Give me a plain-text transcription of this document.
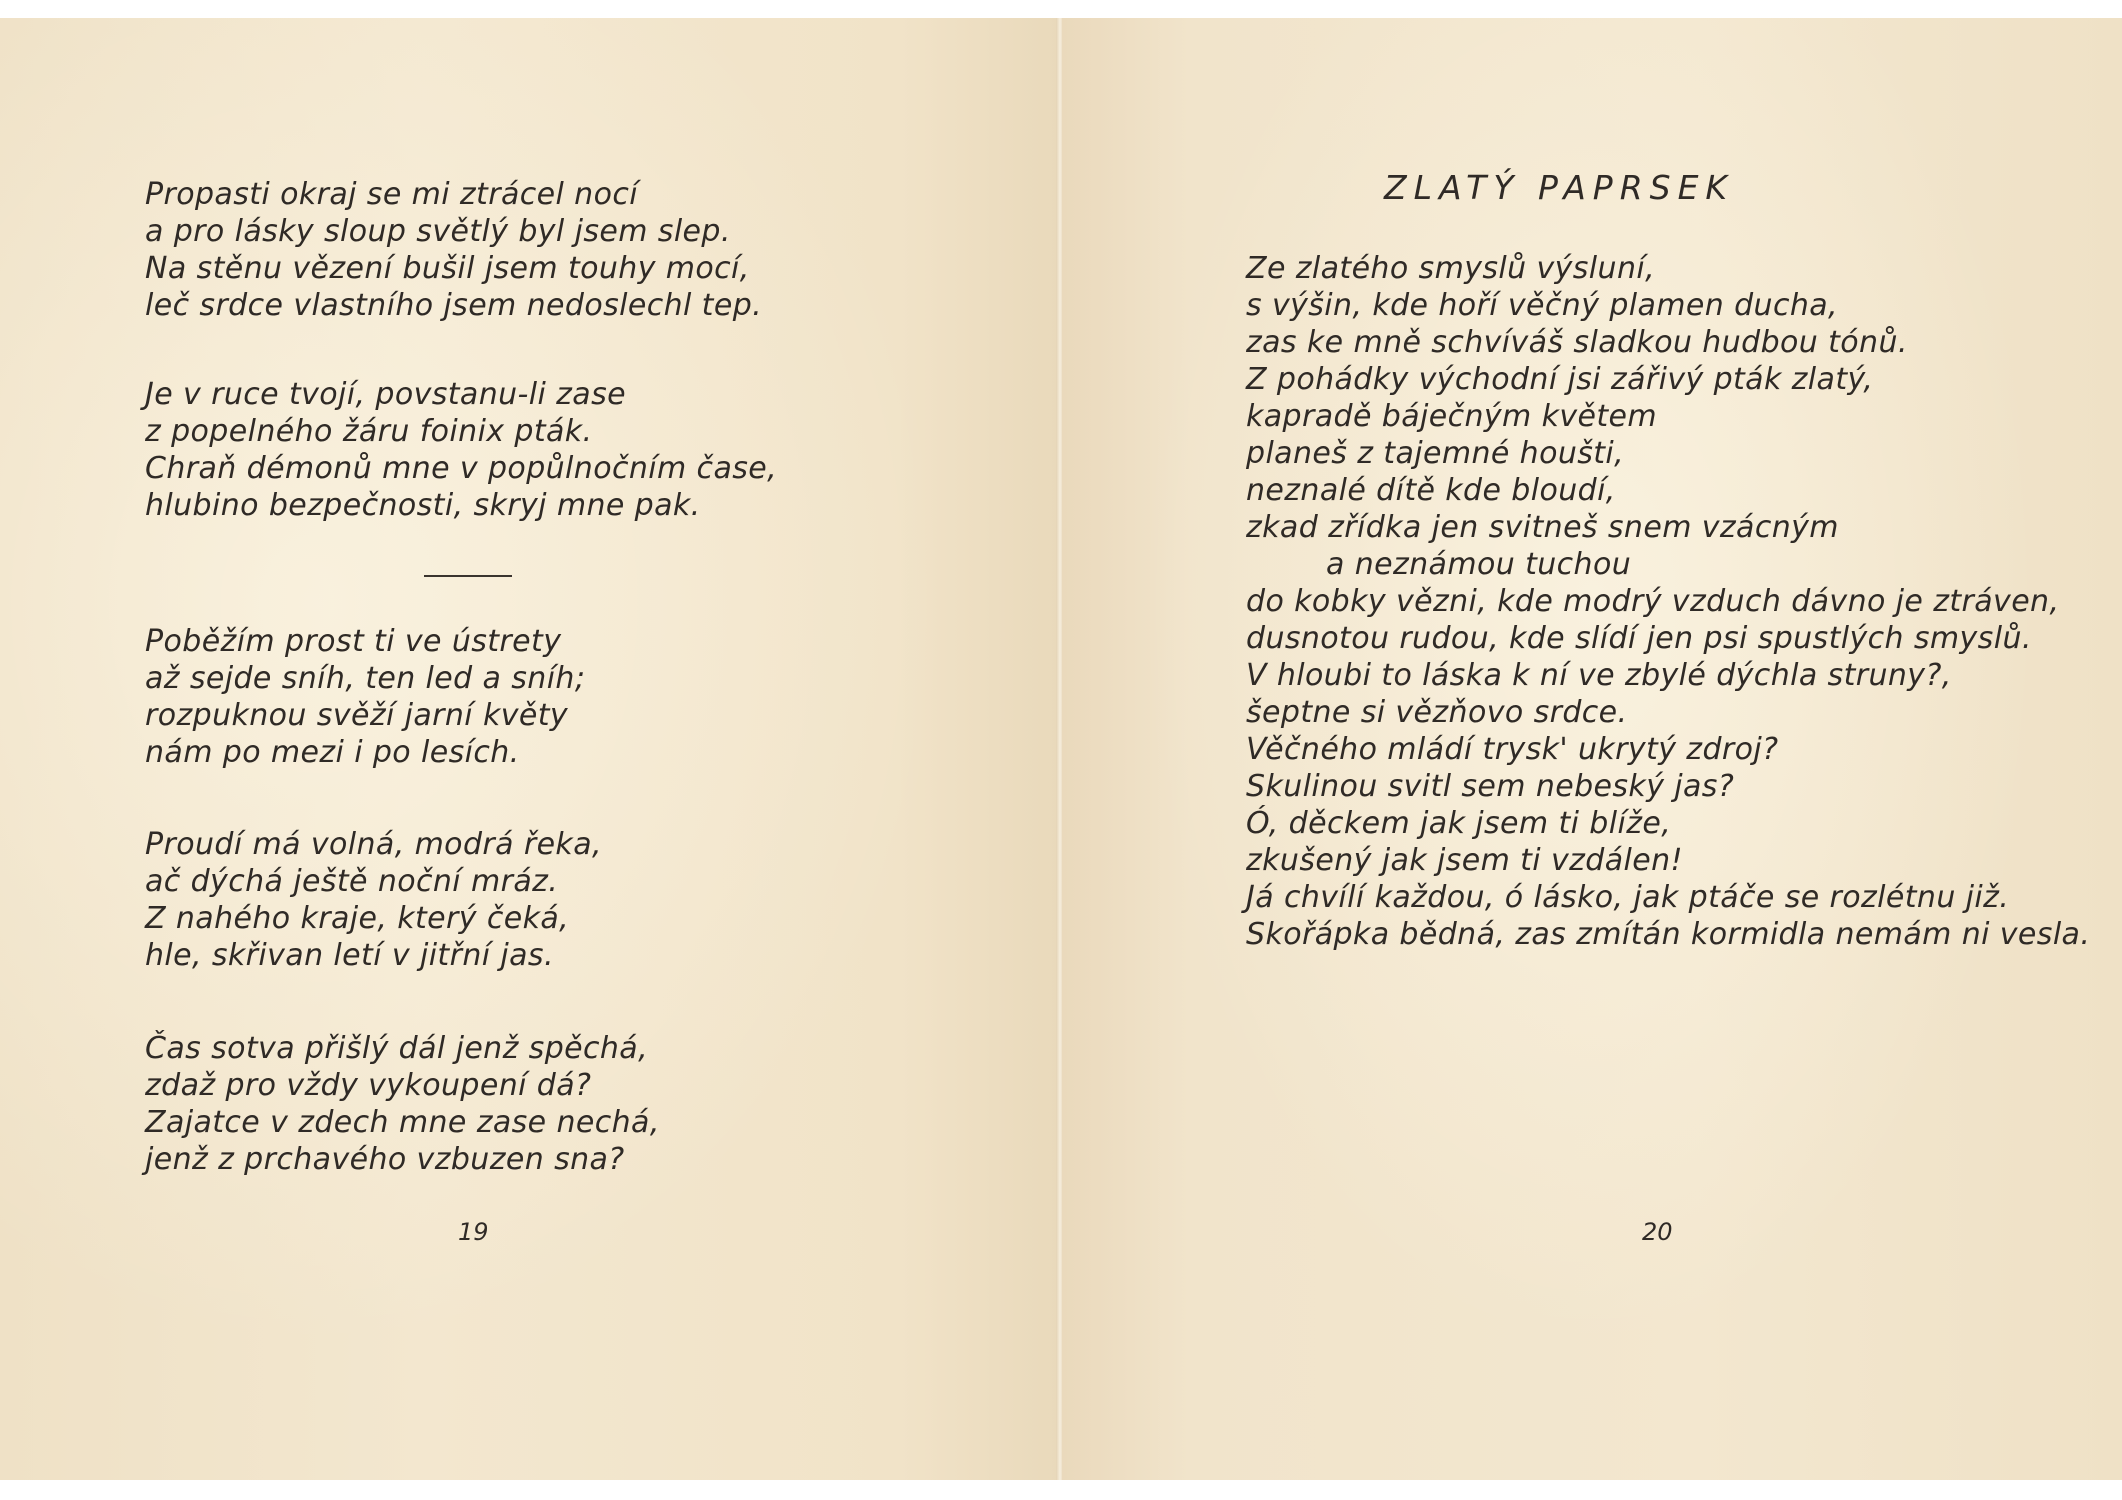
Propasti okraj se mi ztrácel nocí
a pro lásky sloup světlý byl jsem slep.
Na stěnu vězení bušil jsem touhy mocí,
leč srdce vlastního jsem nedoslechl tep.
Je v ruce tvojí, povstanu-li zase
z popelného žáru foinix pták.
Chraň démonů mne v popůlnočním čase,
hlubino bezpečnosti, skryj mne pak.
Poběžím prost ti ve ústrety
až sejde sníh, ten led a sníh;
rozpuknou svěží jarní květy
nám po mezi i po lesích.
Proudí má volná, modrá řeka,
ač dýchá ještě noční mráz.
Z nahého kraje, který čeká,
hle, skřivan letí v jitřní jas.
Čas sotva přišlý dál jenž spěchá,
zdaž pro vždy vykoupení dá?
Zajatce v zdech mne zase nechá,
jenž z prchavého vzbuzen sna?
19
ZLATÝ PAPRSEK
Ze zlatého smyslů výsluní,
s výšin, kde hoří věčný plamen ducha,
zas ke mně schvíváš sladkou hudbou tónů.
Z pohádky východní jsi zářivý pták zlatý,
kapradě báječným květem
planeš z tajemné houšti,
neznalé dítě kde bloudí,
zkad zřídka jen svitneš snem vzácným
a neznámou tuchou
do kobky vězni, kde modrý vzduch dávno je ztráven,
dusnotou rudou, kde slídí jen psi spustlých smyslů.
V hloubi to láska k ní ve zbylé dýchla struny?,
šeptne si vězňovo srdce.
Věčného mládí trysk' ukrytý zdroj?
Skulinou svitl sem nebeský jas?
Ó, děckem jak jsem ti blíže,
zkušený jak jsem ti vzdálen!
Já chvílí každou, ó lásko, jak ptáče se rozlétnu již.
Skořápka bědná, zas zmítán kormidla nemám ni vesla.
20
